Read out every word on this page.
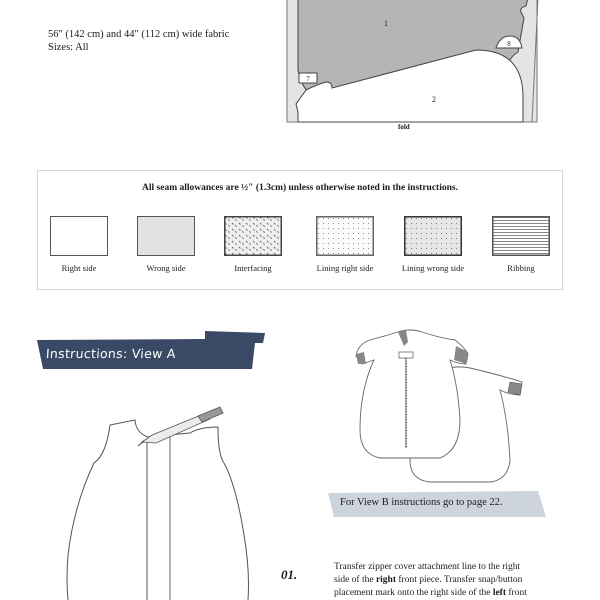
56" (142 cm) and 44" (112 cm) wide fabric
Sizes: All
1
2
7
8
fold
All seam allowances are ½" (1.3cm) unless otherwise noted in the instructions.
Right side	Wrong side	Interfacing	Lining right side	Lining wrong side	Ribbing
Instructions: View A
For View B instructions go to page 22.
01.	Transfer zipper cover attachment line to the right
side of the right front piece. Transfer snap/button
placement mark onto the right side of the left front
